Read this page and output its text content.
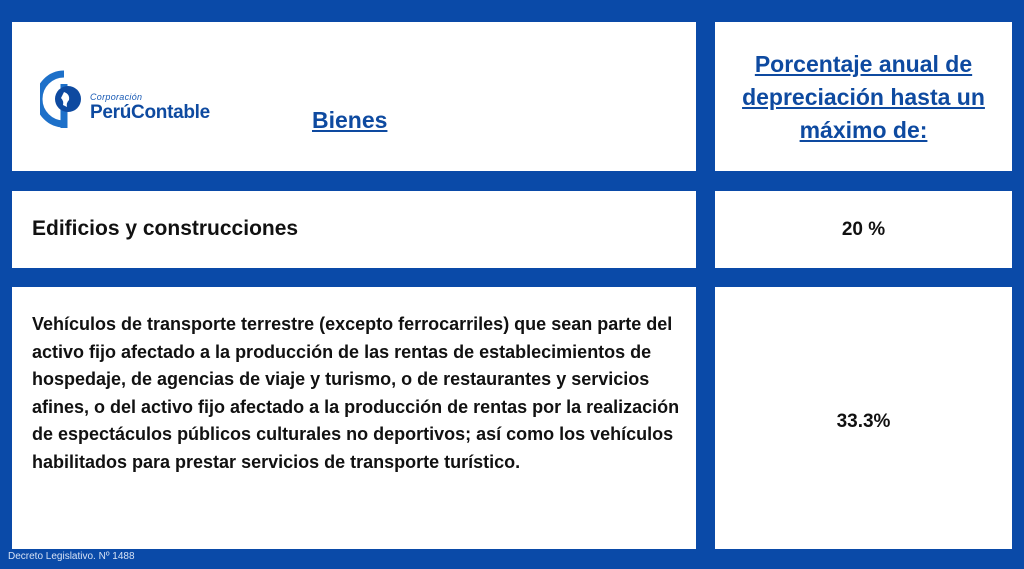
Corporación
PerúContable	Bienes
Porcentaje anual de depreciación hasta un máximo de:
Edificios y construcciones	20 %
Vehículos de transporte terrestre (excepto ferrocarriles) que sean parte del activo fijo afectado a la producción de las rentas de establecimientos de hospedaje, de agencias de viaje y turismo, o de restaurantes y servicios afines, o del activo fijo afectado a la producción de rentas por la realización de espectáculos públicos culturales no deportivos; así como los vehículos habilitados para prestar servicios de transporte turístico.
33.3%
Decreto Legislativo. Nº 1488
